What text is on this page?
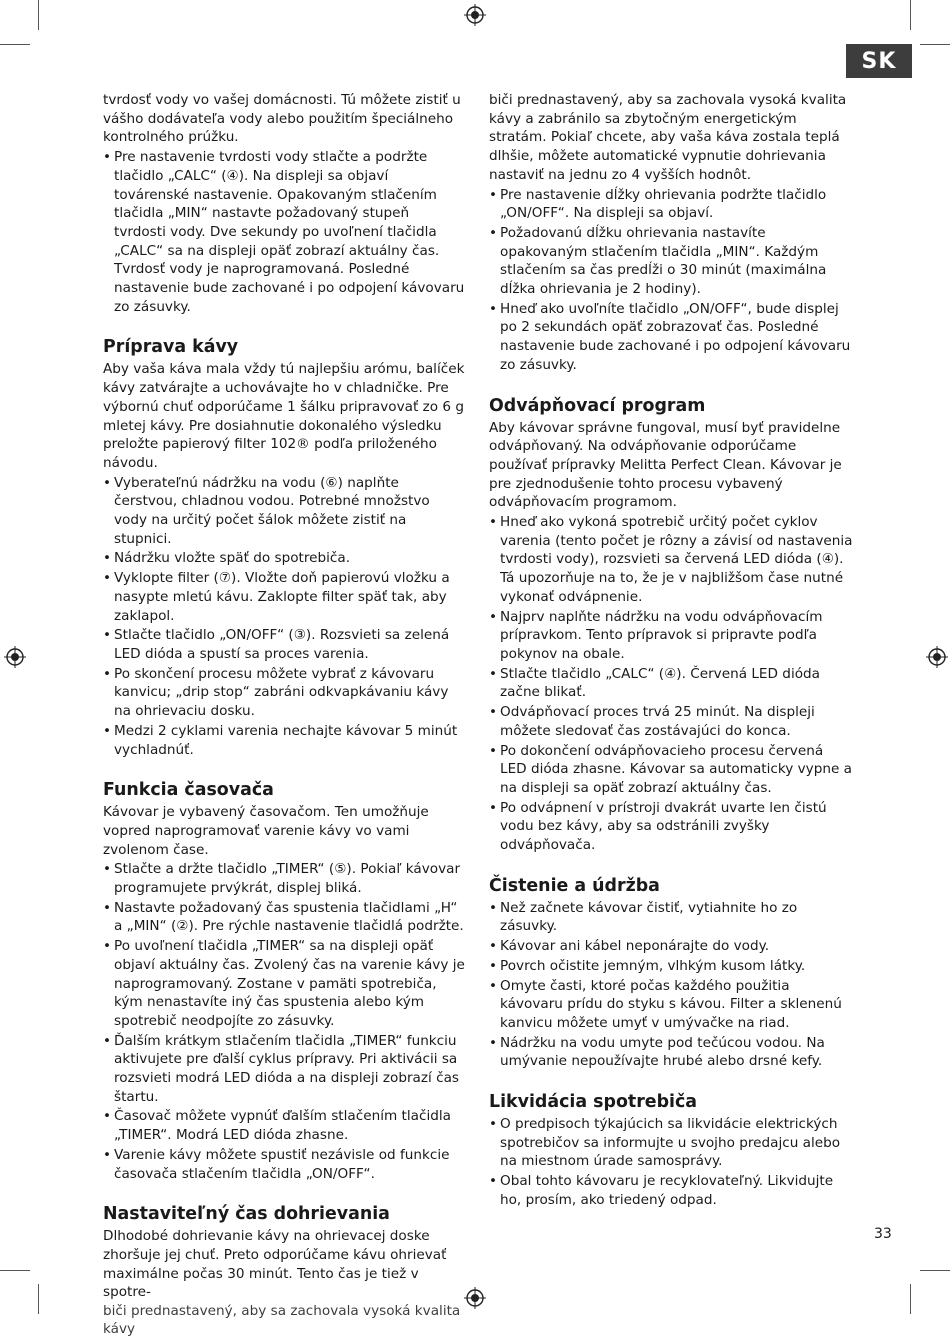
SK

tvrdosť vody vo vašej domácnosti. Tú môžete zistiť u vášho dodávateľa vody alebo použitím špeciálneho kontrolného prúžku.

• Pre nastavenie tvrdosti vody stlačte a podržte tlačidlo „CALC“ (④). Na displeji sa objaví továrenské nastavenie. Opakovaným stlačením tlačidla „MIN“ nastavte požadovaný stupeň tvrdosti vody. Dve sekundy po uvoľnení tlačidla „CALC“ sa na displeji opäť zobrazí aktuálny čas. Tvrdosť vody je naprogramovaná. Posledné nastavenie bude zachované i po odpojení kávovaru zo zásuvky.
Príprava kávy

Aby vaša káva mala vždy tú najlepšiu arómu, balíček kávy zatvárajte a uchovávajte ho v chladničke. Pre výbornú chuť odporúčame 1 šálku pripravovať zo 6 g mletej kávy. Pre dosiahnutie dokonalého výsledku preložte papierový filter 102® podľa priloženého návodu.

• Vyberateľnú nádržku na vodu (⑥) naplňte čerstvou, chladnou vodou. Potrebné množstvo vody na určitý počet šálok môžete zistiť na stupnici.
• Nádržku vložte späť do spotrebiča.
• Vyklopte filter (⑦). Vložte doň papierovú vložku a nasypte mletú kávu. Zaklopte filter späť tak, aby zaklapol.
• Stlačte tlačidlo „ON/OFF“ (③). Rozsvieti sa zelená LED dióda a spustí sa proces varenia.
• Po skončení procesu môžete vybrať z kávovaru kanvicu; „drip stop“ zabráni odkvapkávaniu kávy na ohrievaciu dosku.
• Medzi 2 cyklami varenia nechajte kávovar 5 minút vychladnúť.
Funkcia časovača

Kávovar je vybavený časovačom. Ten umožňuje vopred naprogramovať varenie kávy vo vami zvolenom čase.

• Stlačte a držte tlačidlo „TIMER“ (⑤). Pokiaľ kávovar programujete prvýkrát, displej bliká.
• Nastavte požadovaný čas spustenia tlačidlami „H“ a „MIN“ (②). Pre rýchle nastavenie tlačidlá podržte.
• Po uvoľnení tlačidla „TIMER“ sa na displeji opäť objaví aktuálny čas. Zvolený čas na varenie kávy je naprogramovaný. Zostane v pamäti spotrebiča, kým nenastavíte iný čas spustenia alebo kým spotrebič neodpojíte zo zásuvky.
• Ďalším krátkym stlačením tlačidla „TIMER“ funkciu aktivujete pre ďalší cyklus prípravy. Pri aktivácii sa rozsvieti modrá LED dióda a na displeji zobrazí čas štartu.
• Časovač môžete vypnúť ďalším stlačením tlačidla „TIMER“. Modrá LED dióda zhasne.
• Varenie kávy môžete spustiť nezávisle od funkcie časovača stlačením tlačidla „ON/OFF“.
Nastaviteľný čas dohrievania

Dlhodobé dohrievanie kávy na ohrievacej doske zhoršuje jej chuť. Preto odporúčame kávu ohrievať maximálne počas 30 minút. Tento čas je tiež v spotre-

biči prednastavený, aby sa zachovala vysoká kvalita kávy

biči prednastavený, aby sa zachovala vysoká kvalita kávy a zabránilo sa zbytočným energetickým stratám. Pokiaľ chcete, aby vaša káva zostala teplá dlhšie, môžete automatické vypnutie dohrievania nastaviť na jednu zo 4 vyšších hodnôt.

• Pre nastavenie dĺžky ohrievania podržte tlačidlo „ON/OFF“. Na displeji sa objaví.
• Požadovanú dĺžku ohrievania nastavíte opakovaným stlačením tlačidla „MIN“. Každým stlačením sa čas predĺži o 30 minút (maximálna dĺžka ohrievania je 2 hodiny).
• Hneď ako uvoľníte tlačidlo „ON/OFF“, bude displej po 2 sekundách opäť zobrazovať čas. Posledné nastavenie bude zachované i po odpojení kávovaru zo zásuvky.
Odvápňovací program

Aby kávovar správne fungoval, musí byť pravidelne odvápňovaný. Na odvápňovanie odporúčame používať prípravky Melitta Perfect Clean. Kávovar je pre zjednodušenie tohto procesu vybavený odvápňovacím programom.

• Hneď ako vykoná spotrebič určitý počet cyklov varenia (tento počet je rôzny a závisí od nastavenia tvrdosti vody), rozsvieti sa červená LED dióda (④). Tá upozorňuje na to, že je v najbližšom čase nutné vykonať odvápnenie.
• Najprv naplňte nádržku na vodu odvápňovacím prípravkom. Tento prípravok si pripravte podľa pokynov na obale.
• Stlačte tlačidlo „CALC“ (④). Červená LED dióda začne blikať.
• Odvápňovací proces trvá 25 minút. Na displeji môžete sledovať čas zostávajúci do konca.
• Po dokončení odvápňovacieho procesu červená LED dióda zhasne. Kávovar sa automaticky vypne a na displeji sa opäť zobrazí aktuálny čas.
• Po odvápnení v prístroji dvakrát uvarte len čistú vodu bez kávy, aby sa odstránili zvyšky odvápňovača.
Čistenie a údržba
• Než začnete kávovar čistiť, vytiahnite ho zo zásuvky.
• Kávovar ani kábel neponárajte do vody.
• Povrch očistite jemným, vlhkým kusom látky.
• Omyte časti, ktoré počas každého použitia kávovaru prídu do styku s kávou. Filter a sklenenú kanvicu môžete umyť v umývačke na riad.
• Nádržku na vodu umyte pod tečúcou vodou. Na umývanie nepoužívajte hrubé alebo drsné kefy.
Likvidácia spotrebiča
• O predpisoch týkajúcich sa likvidácie elektrických spotrebičov sa informujte u svojho predajcu alebo na miestnom úrade samosprávy.
• Obal tohto kávovaru je recyklovateľný. Likvidujte ho, prosím, ako triedený odpad.
33
